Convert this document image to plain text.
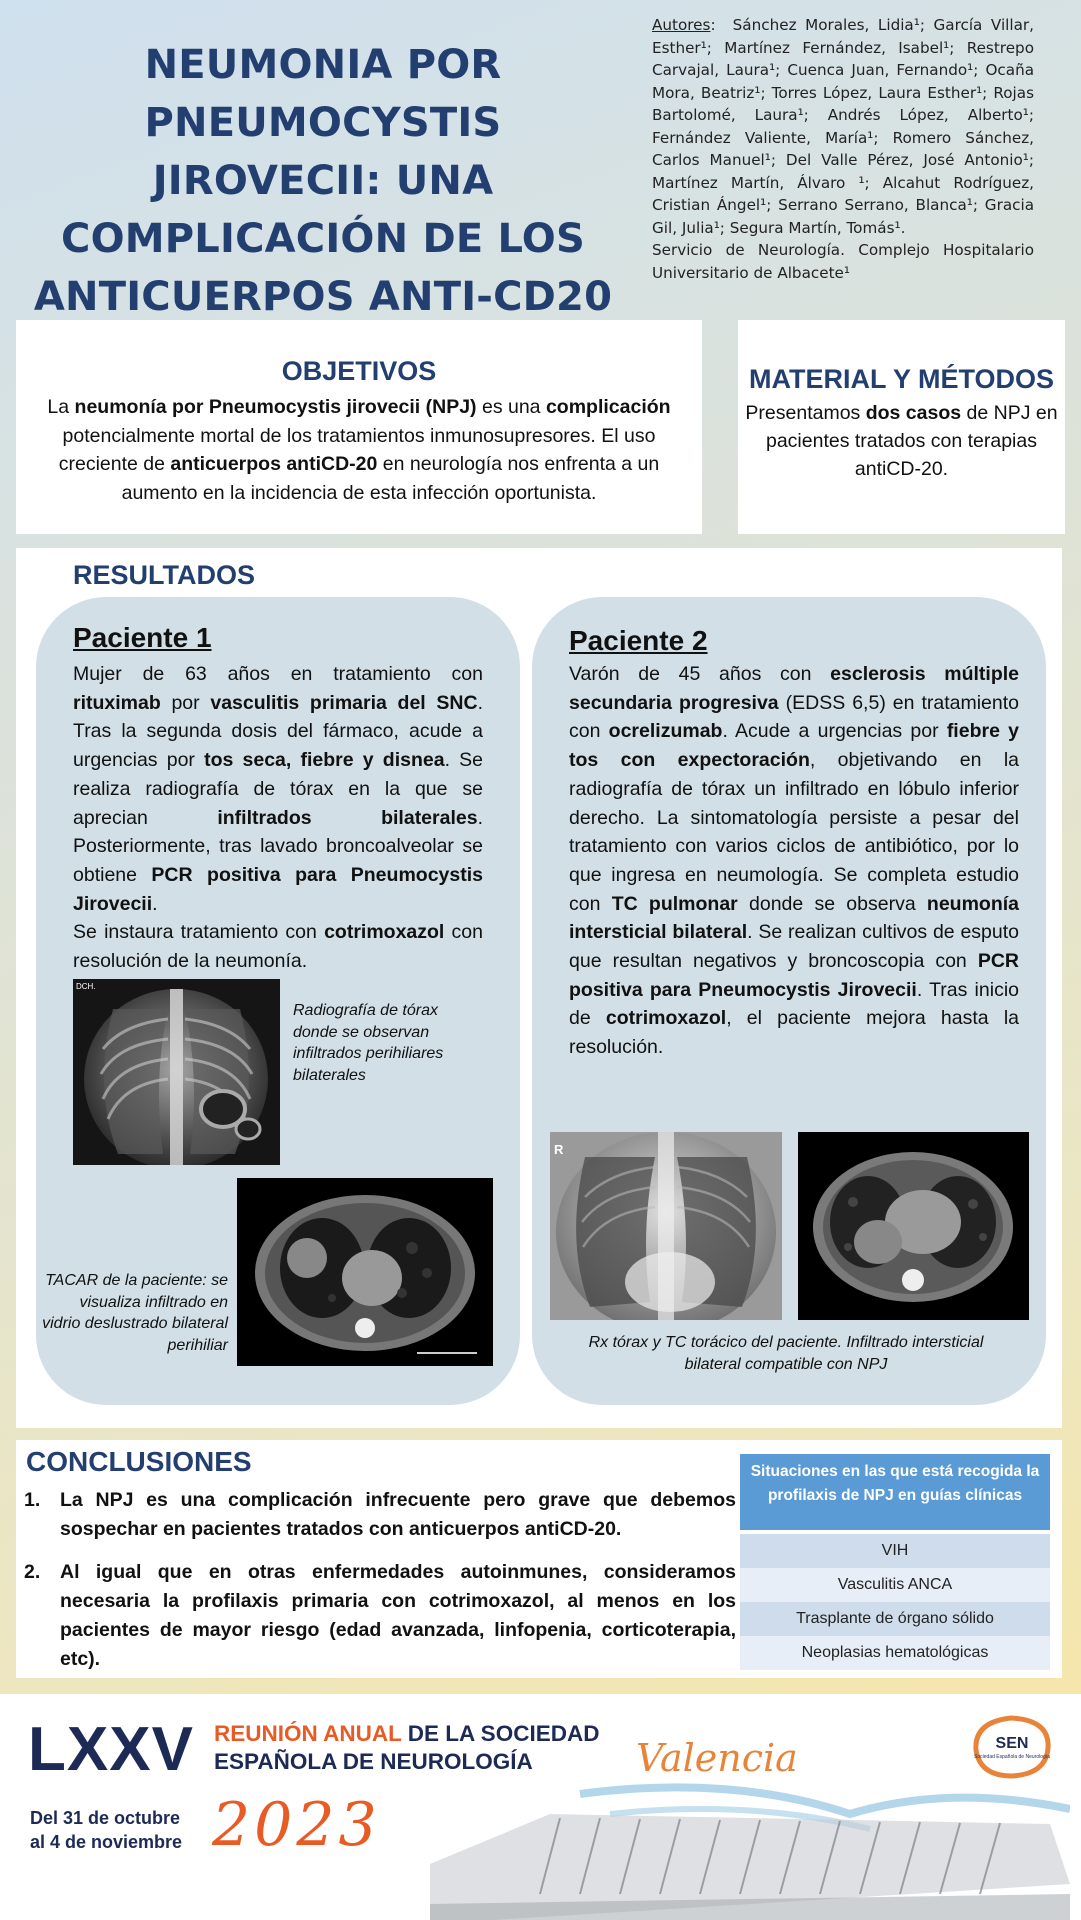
NEUMONIA POR PNEUMOCYSTIS JIROVECII: UNA COMPLICACIÓN DE LOS ANTICUERPOS ANTI-CD20
Autores:  Sánchez Morales, Lidia¹; García Villar, Esther¹; Martínez Fernández, Isabel¹; Restrepo Carvajal, Laura¹; Cuenca Juan, Fernando¹; Ocaña Mora, Beatriz¹; Torres López, Laura Esther¹; Rojas Bartolomé, Laura¹; Andrés López, Alberto¹; Fernández Valiente, María¹; Romero Sánchez, Carlos Manuel¹; Del Valle Pérez, José Antonio¹; Martínez Martín, Álvaro ¹; Alcahut Rodríguez, Cristian Ángel¹; Serrano Serrano, Blanca¹; Gracia Gil, Julia¹; Segura Martín, Tomás¹.
Servicio de Neurología. Complejo Hospitalario Universitario de Albacete¹
OBJETIVOS

La neumonía por Pneumocystis jirovecii (NPJ) es una complicación potencialmente mortal de los tratamientos inmunosupresores. El uso creciente de anticuerpos antiCD-20 en neurología nos enfrenta a un aumento en la incidencia de esta infección oportunista.

MATERIAL Y MÉTODOS

Presentamos dos casos de NPJ en pacientes tratados con terapias antiCD-20.

RESULTADOS
Paciente 1
Mujer de 63 años en tratamiento con rituximab por vasculitis primaria del SNC. Tras la segunda dosis del fármaco, acude a urgencias por tos seca, fiebre y disnea. Se realiza radiografía de tórax en la que se aprecian infiltrados bilaterales. Posteriormente, tras lavado broncoalveolar se obtiene PCR positiva para Pneumocystis Jirovecii.
Se instaura tratamiento con cotrimoxazol con resolución de la neumonía.
DCH.
Radiografía de tórax donde se observan infiltrados perihiliares bilaterales
TACAR de la paciente: se visualiza infiltrado en vidrio deslustrado bilateral perihiliar
Paciente 2
Varón de 45 años con esclerosis múltiple secundaria progresiva (EDSS 6,5) en tratamiento con ocrelizumab. Acude a urgencias por fiebre y tos con expectoración, objetivando en la radiografía de tórax un infiltrado en lóbulo inferior derecho. La sintomatología persiste a pesar del tratamiento con varios ciclos de antibiótico, por lo que ingresa en neumología. Se completa estudio con TC pulmonar donde se observa neumonía intersticial bilateral. Se realizan cultivos de esputo que resultan negativos y broncoscopia con PCR positiva para Pneumocystis Jirovecii. Tras inicio de cotrimoxazol, el paciente mejora hasta la resolución.
R
Rx tórax y TC torácico del paciente. Infiltrado intersticial bilateral compatible con NPJ
CONCLUSIONES
1.	La NPJ es una complicación infrecuente pero grave que debemos sospechar en pacientes tratados con anticuerpos antiCD-20.
2.	Al igual que en otras enfermedades autoinmunes, consideramos necesaria la profilaxis primaria con cotrimoxazol, al menos en los pacientes de mayor riesgo (edad avanzada, linfopenia, corticoterapia, etc).
Situaciones en las que está recogida la profilaxis de NPJ en guías clínicas
VIH
Vasculitis ANCA
Trasplante de órgano sólido
Neoplasias hematológicas
LXXV REUNIÓN ANUAL DE LA SOCIEDAD
ESPAÑOLA DE NEUROLOGÍA
Del 31 de octubre
al 4 de noviembre 2023
Valencia	SEN
Sociedad Española de Neurología
